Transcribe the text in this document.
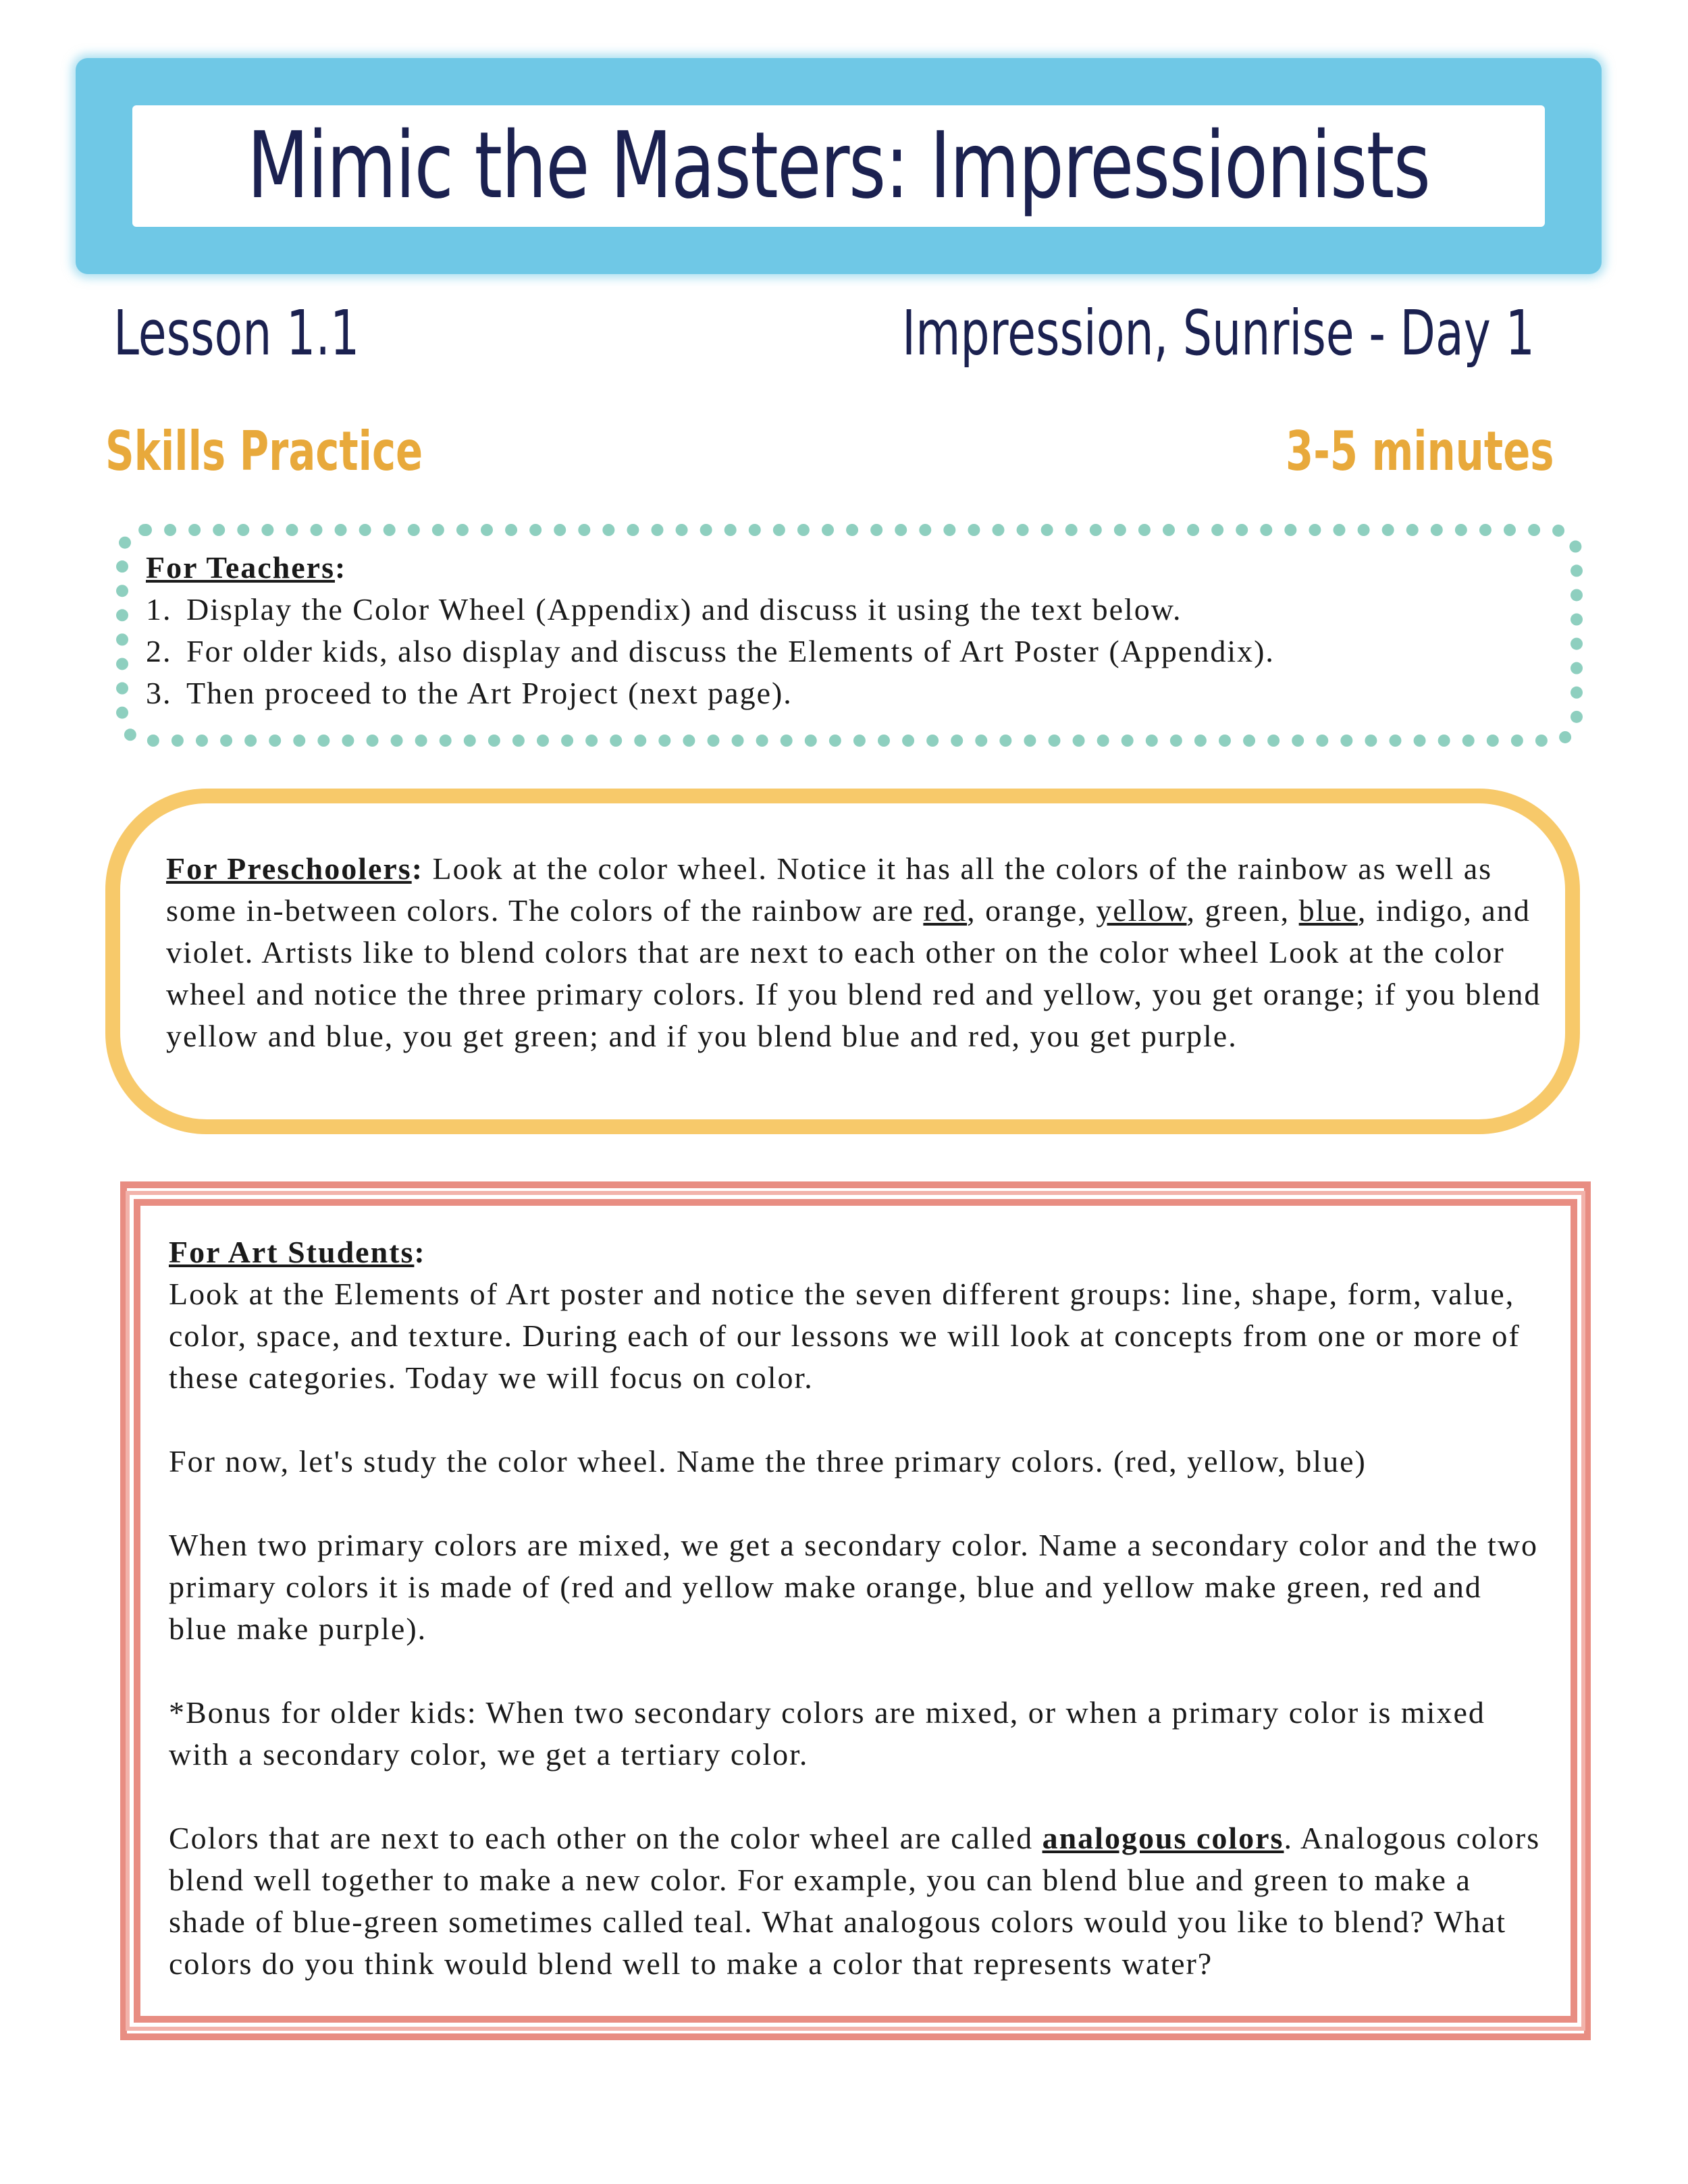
Mimic the Masters: Impressionists
Lesson 1.1	Impression, Sunrise - Day 1
Skills Practice	3-5 minutes
For Teachers:
1. Display the Color Wheel (Appendix) and discuss it using the text below.
2. For older kids, also display and discuss the Elements of Art Poster (Appendix).
3. Then proceed to the Art Project (next page).
For Preschoolers: Look at the color wheel. Notice it has all the colors of the rainbow as well as some in-between colors. The colors of the rainbow are red, orange, yellow, green, blue, indigo, and violet. Artists like to blend colors that are next to each other on the color wheel Look at the color wheel and notice the three primary colors. If you blend red and yellow, you get orange; if you blend yellow and blue, you get green; and if you blend blue and red, you get purple.
For Art Students:

Look at the Elements of Art poster and notice the seven different groups: line, shape, form, value, color, space, and texture. During each of our lessons we will look at concepts from one or more of these categories. Today we will focus on color.

For now, let's study the color wheel. Name the three primary colors. (red, yellow, blue)

When two primary colors are mixed, we get a secondary color. Name a secondary color and the two primary colors it is made of (red and yellow make orange, blue and yellow make green, red and blue make purple).

*Bonus for older kids: When two secondary colors are mixed, or when a primary color is mixed with a secondary color, we get a tertiary color.

Colors that are next to each other on the color wheel are called analogous colors. Analogous colors blend well together to make a new color. For example, you can blend blue and green to make a shade of blue-green sometimes called teal. What analogous colors would you like to blend? What colors do you think would blend well to make a color that represents water?
